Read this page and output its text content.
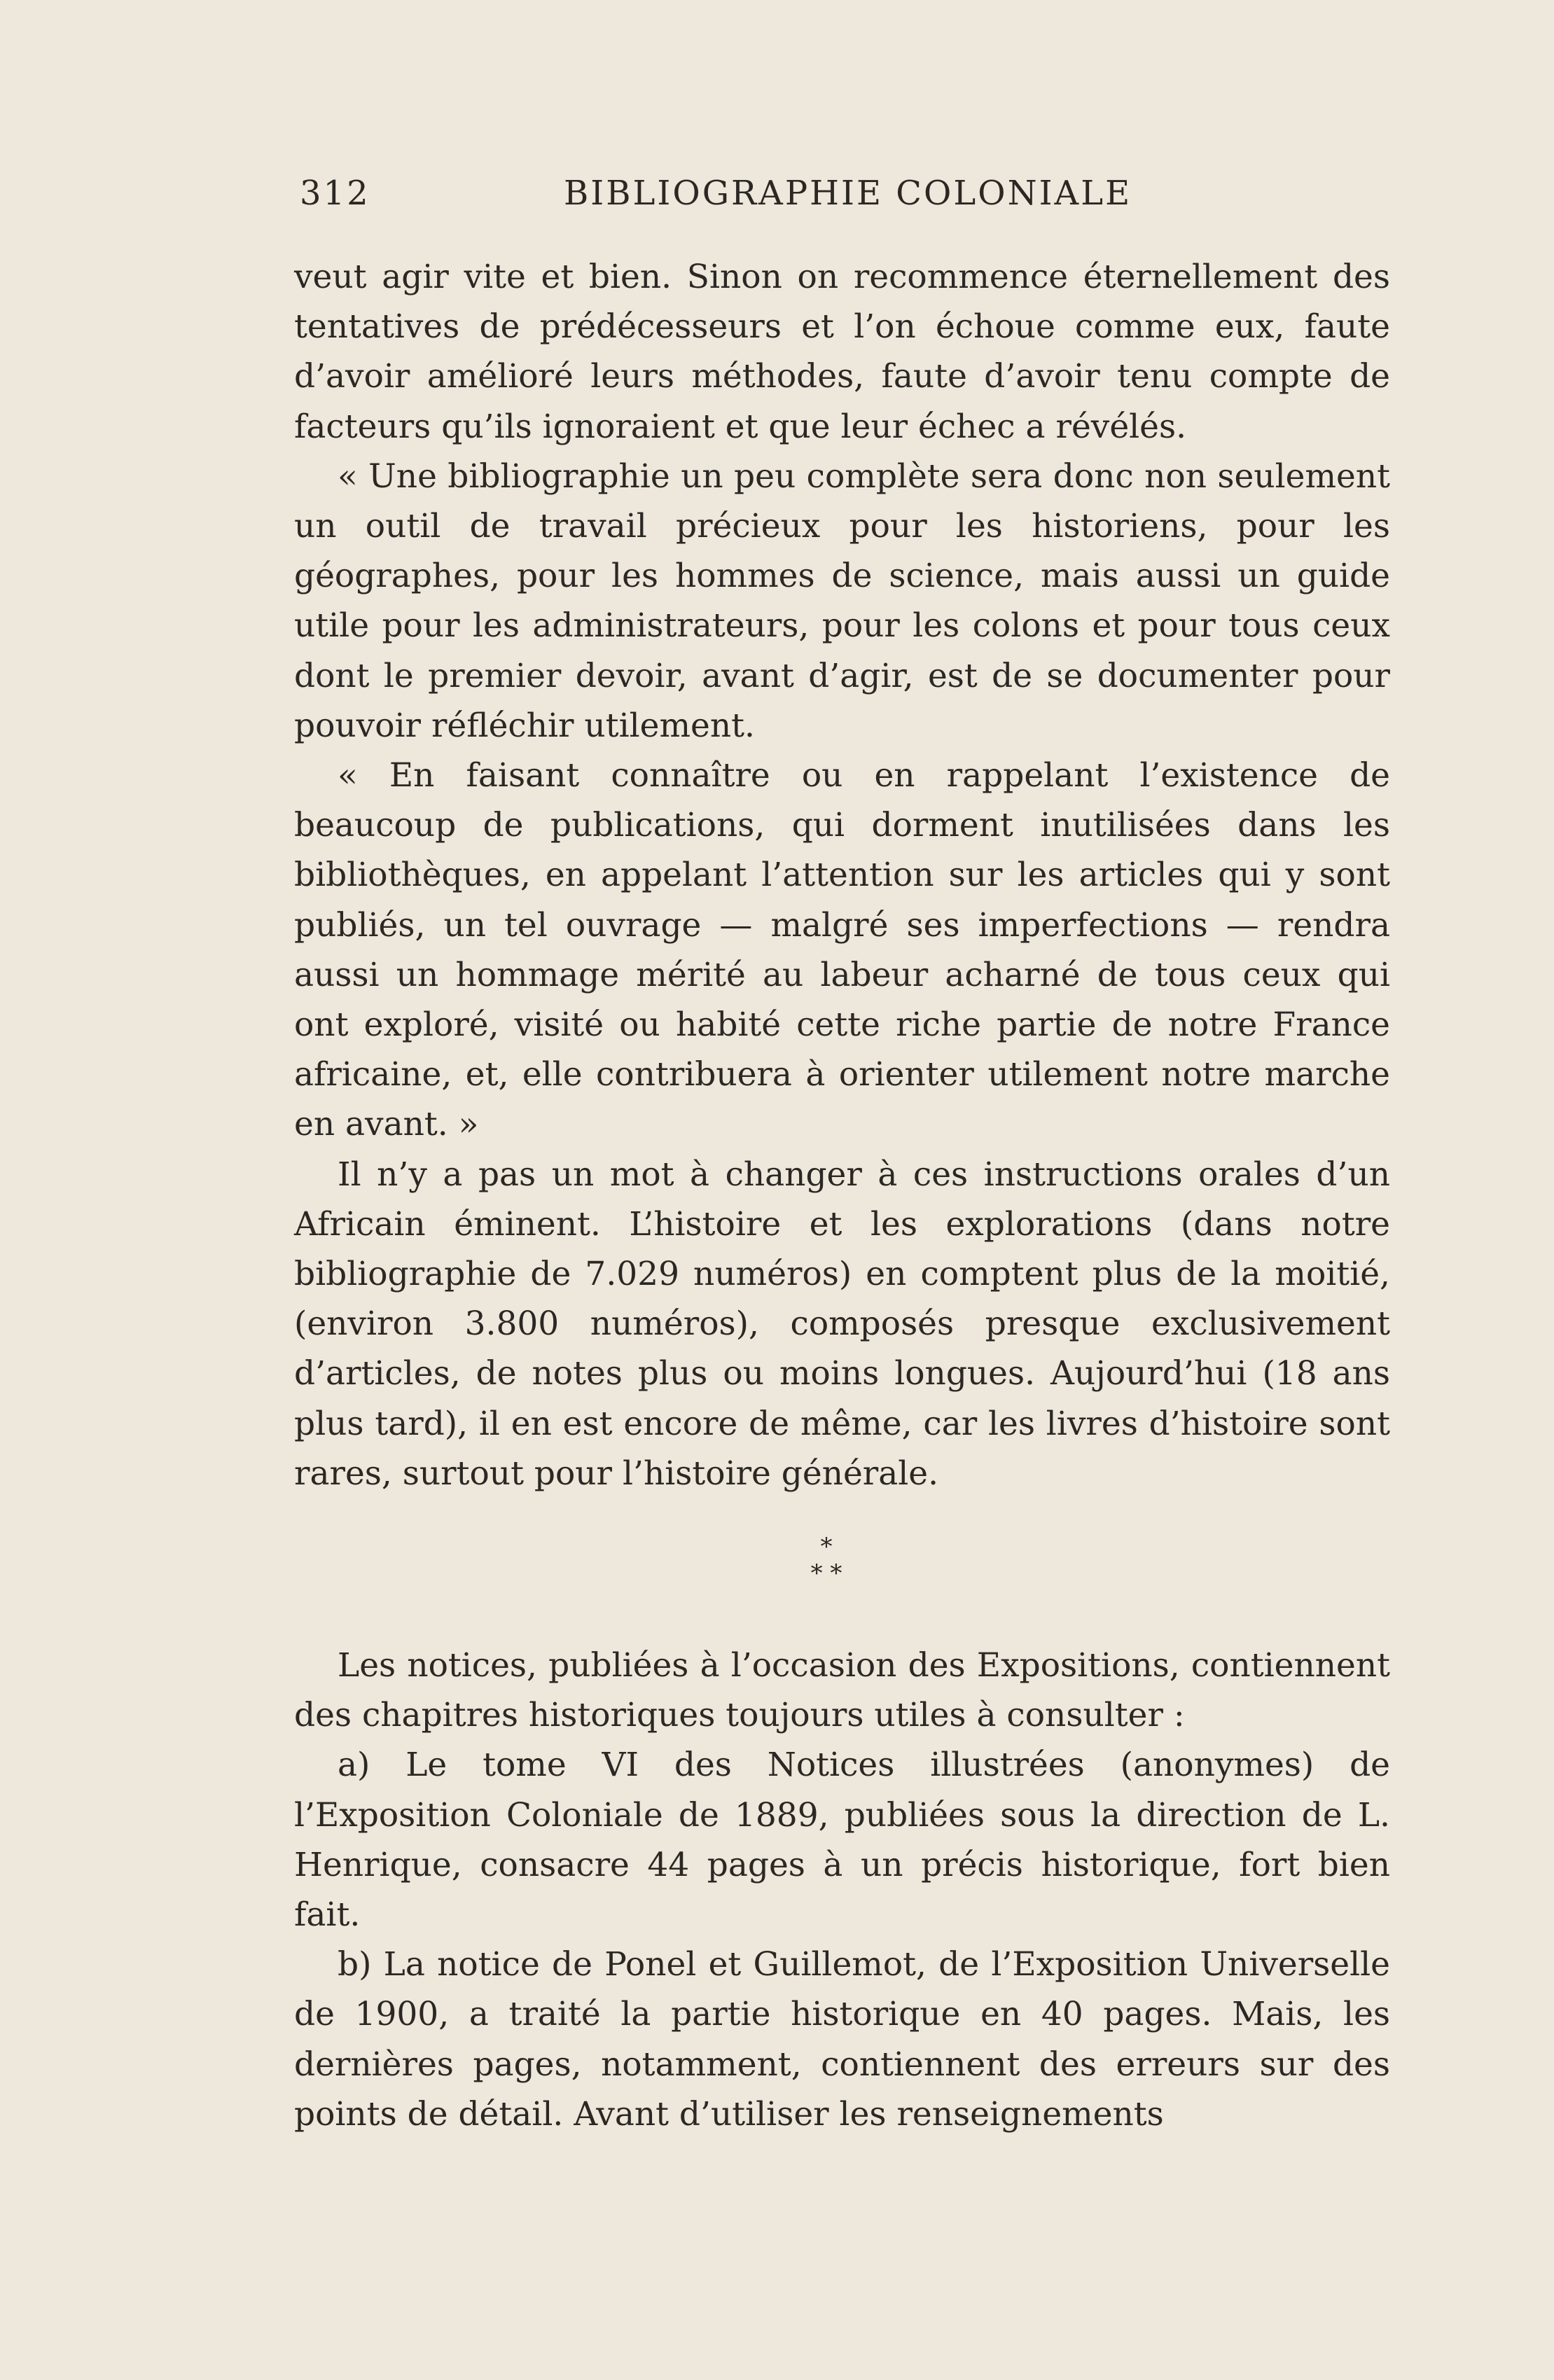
312	BIBLIOGRAPHIE COLONIALE

veut agir vite et bien. Sinon on recommence éternellement des tentatives de prédécesseurs et l’on échoue comme eux, faute d’avoir amélioré leurs méthodes, faute d’avoir tenu compte de facteurs qu’ils ignoraient et que leur échec a révélés.

« Une bibliographie un peu complète sera donc non seulement un outil de travail précieux pour les historiens, pour les géographes, pour les hommes de science, mais aussi un guide utile pour les administrateurs, pour les colons et pour tous ceux dont le premier devoir, avant d’agir, est de se documenter pour pouvoir réfléchir utilement.

« En faisant connaître ou en rappelant l’existence de beaucoup de publications, qui dorment inutilisées dans les bibliothèques, en appelant l’attention sur les articles qui y sont publiés, un tel ouvrage — malgré ses imperfections — rendra aussi un hommage mérité au labeur acharné de tous ceux qui ont exploré, visité ou habité cette riche partie de notre France africaine, et, elle contribuera à orienter utilement notre marche en avant. »

Il n’y a pas un mot à changer à ces instructions orales d’un Africain éminent. L’histoire et les explorations (dans notre bibliographie de 7.029 numéros) en comptent plus de la moitié, (environ 3.800 numéros), composés presque exclusivement d’articles, de notes plus ou moins longues. Aujourd’hui (18 ans plus tard), il en est encore de même, car les livres d’histoire sont rares, surtout pour l’histoire générale.

*
* *

Les notices, publiées à l’occasion des Expositions, contiennent des chapitres historiques toujours utiles à consulter :

a) Le tome VI des Notices illustrées (anonymes) de l’Exposition Coloniale de 1889, publiées sous la direction de L. Henrique, consacre 44 pages à un précis historique, fort bien fait.

b) La notice de Ponel et Guillemot, de l’Exposition Universelle de 1900, a traité la partie historique en 40 pages. Mais, les dernières pages, notamment, contiennent des erreurs sur des points de détail. Avant d’utiliser les renseignements
